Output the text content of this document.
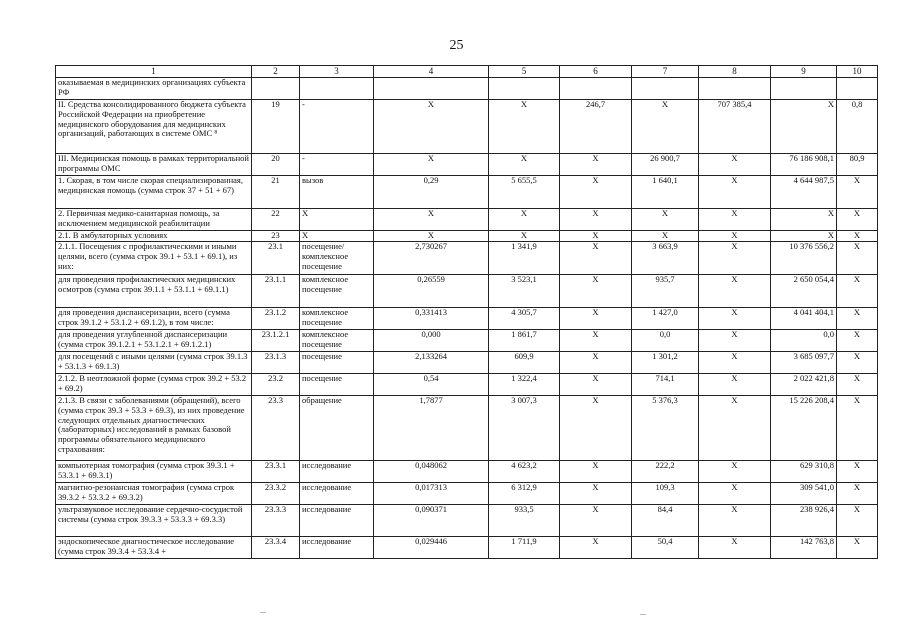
25
1	2	3	4	5	6	7	8	9	10
оказываемая в медицинских организациях субъекта РФ									
II. Средства консолидированного бюджета субъекта Российской Федерации на приобретение медицинского оборудования для медицинских организаций, работающих в системе ОМС ⁸	19	-	X	X	246,7	X	707 385,4	X	0,8
III. Медицинская помощь в рамках территориальной программы ОМС	20	-	X	X	X	26 900,7	X	76 186 908,1	80,9
1. Скорая, в том числе скорая специализированная, медицинская помощь (сумма строк 37 + 51 + 67)	21	вызов	0,29	5 655,5	X	1 640,1	X	4 644 987,5	X
2. Первичная медико-санитарная помощь, за исключением медицинской реабилитации	22	X	X	X	X	X	X	X	X
2.1. В амбулаторных условиях	23	X	X	X	X	X	X	X	X
2.1.1. Посещения с профилактическими и иными целями, всего (сумма строк 39.1 + 53.1 + 69.1), из них:	23.1	посещение/ комплексное посещение	2,730267	1 341,9	X	3 663,9	X	10 376 556,2	X
для проведения профилактических медицинских осмотров (сумма строк 39.1.1 + 53.1.1 + 69.1.1)	23.1.1	комплексное посещение	0,26559	3 523,1	X	935,7	X	2 650 054,4	X
для проведения диспансеризации, всего (сумма строк 39.1.2 + 53.1.2 + 69.1.2), в том числе:	23.1.2	комплексное посещение	0,331413	4 305,7	X	1 427,0	X	4 041 404,1	X
для проведения углубленной диспансеризации (сумма строк 39.1.2.1 + 53.1.2.1 + 69.1.2.1)	23.1.2.1	комплексное посещение	0,000	1 861,7	X	0,0	X	0,0	X
для посещений с иными целями (сумма строк 39.1.3 + 53.1.3 + 69.1.3)	23.1.3	посещение	2,133264	609,9	X	1 301,2	X	3 685 097,7	X
2.1.2. В неотложной форме (сумма строк 39.2 + 53.2 + 69.2)	23.2	посещение	0,54	1 322,4	X	714,1	X	2 022 421,8	X
2.1.3. В связи с заболеваниями (обращений), всего (сумма строк 39.3 + 53.3 + 69.3), из них проведение следующих отдельных диагностических (лабораторных) исследований в рамках базовой программы обязательного медицинского страхования:	23.3	обращение	1,7877	3 007,3	X	5 376,3	X	15 226 208,4	X
компьютерная томография (сумма строк 39.3.1 + 53.3.1 + 69.3.1)	23.3.1	исследование	0,048062	4 623,2	X	222,2	X	629 310,8	X
магнитно-резонансная томография (сумма строк 39.3.2 + 53.3.2 + 69.3.2)	23.3.2	исследование	0,017313	6 312,9	X	109,3	X	309 541,0	X
ультразвуковое исследование сердечно-сосудистой системы (сумма строк 39.3.3 + 53.3.3 + 69.3.3)	23.3.3	исследование	0,090371	933,5	X	84,4	X	238 926,4	X
эндоскопическое диагностическое исследование (сумма строк 39.3.4 + 53.3.4 +	23.3.4	исследование	0,029446	1 711,9	X	50,4	X	142 763,8	X
